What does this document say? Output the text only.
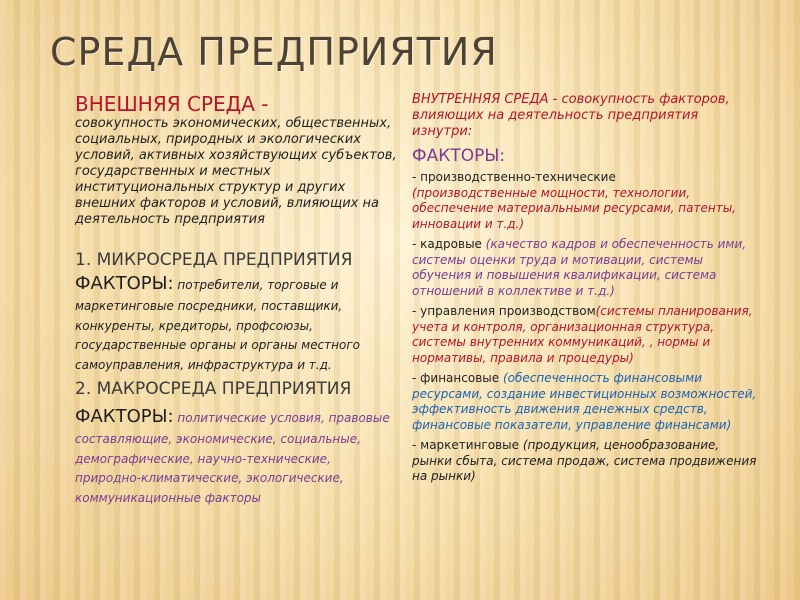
СРЕДА ПРЕДПРИЯТИЯ

ВНЕШНЯЯ СРЕДА -

совокупность экономических, общественных, социальных, природных и экологических условий, активных хозяйствующих субъектов, государственных и местных институциональных структур и других внешних факторов и условий, влияющих на деятельность предприятия

1. МИКРОСРЕДА ПРЕДПРИЯТИЯ

ФАКТОРЫ: потребители, торговые и маркетинговые посредники, поставщики, конкуренты, кредиторы, профсоюзы, государственные органы и органы местного самоуправления, инфраструктура и т.д.

2. МАКРОСРЕДА ПРЕДПРИЯТИЯ

ФАКТОРЫ: политические условия, правовые составляющие, экономические, социальные, демографические, научно-технические, природно-климатические, экологические, коммуникационные факторы

ВНУТРЕННЯЯ СРЕДА - совокупность факторов, влияющих на деятельность предприятия изнутри:

ФАКТОРЫ:

- производственно-технические
(производственные мощности, технологии, обеспечение материальными ресурсами, патенты, инновации и т.д.)

- кадровые (качество кадров и обеспеченность ими, системы оценки труда и мотивации, системы обучения и повышения квалификации, система отношений в коллективе и т.д.)

- управления производством(системы планирования, учета и контроля, организационная структура, системы внутренних коммуникаций, , нормы и нормативы, правила и процедуры)

- финансовые (обеспеченность финансовыми ресурсами, создание инвестиционных возможностей, эффективность движения денежных средств, финансовые показатели, управление финансами)

- маркетинговые (продукция, ценообразование, рынки сбыта, система продаж, система продвижения на рынки)
